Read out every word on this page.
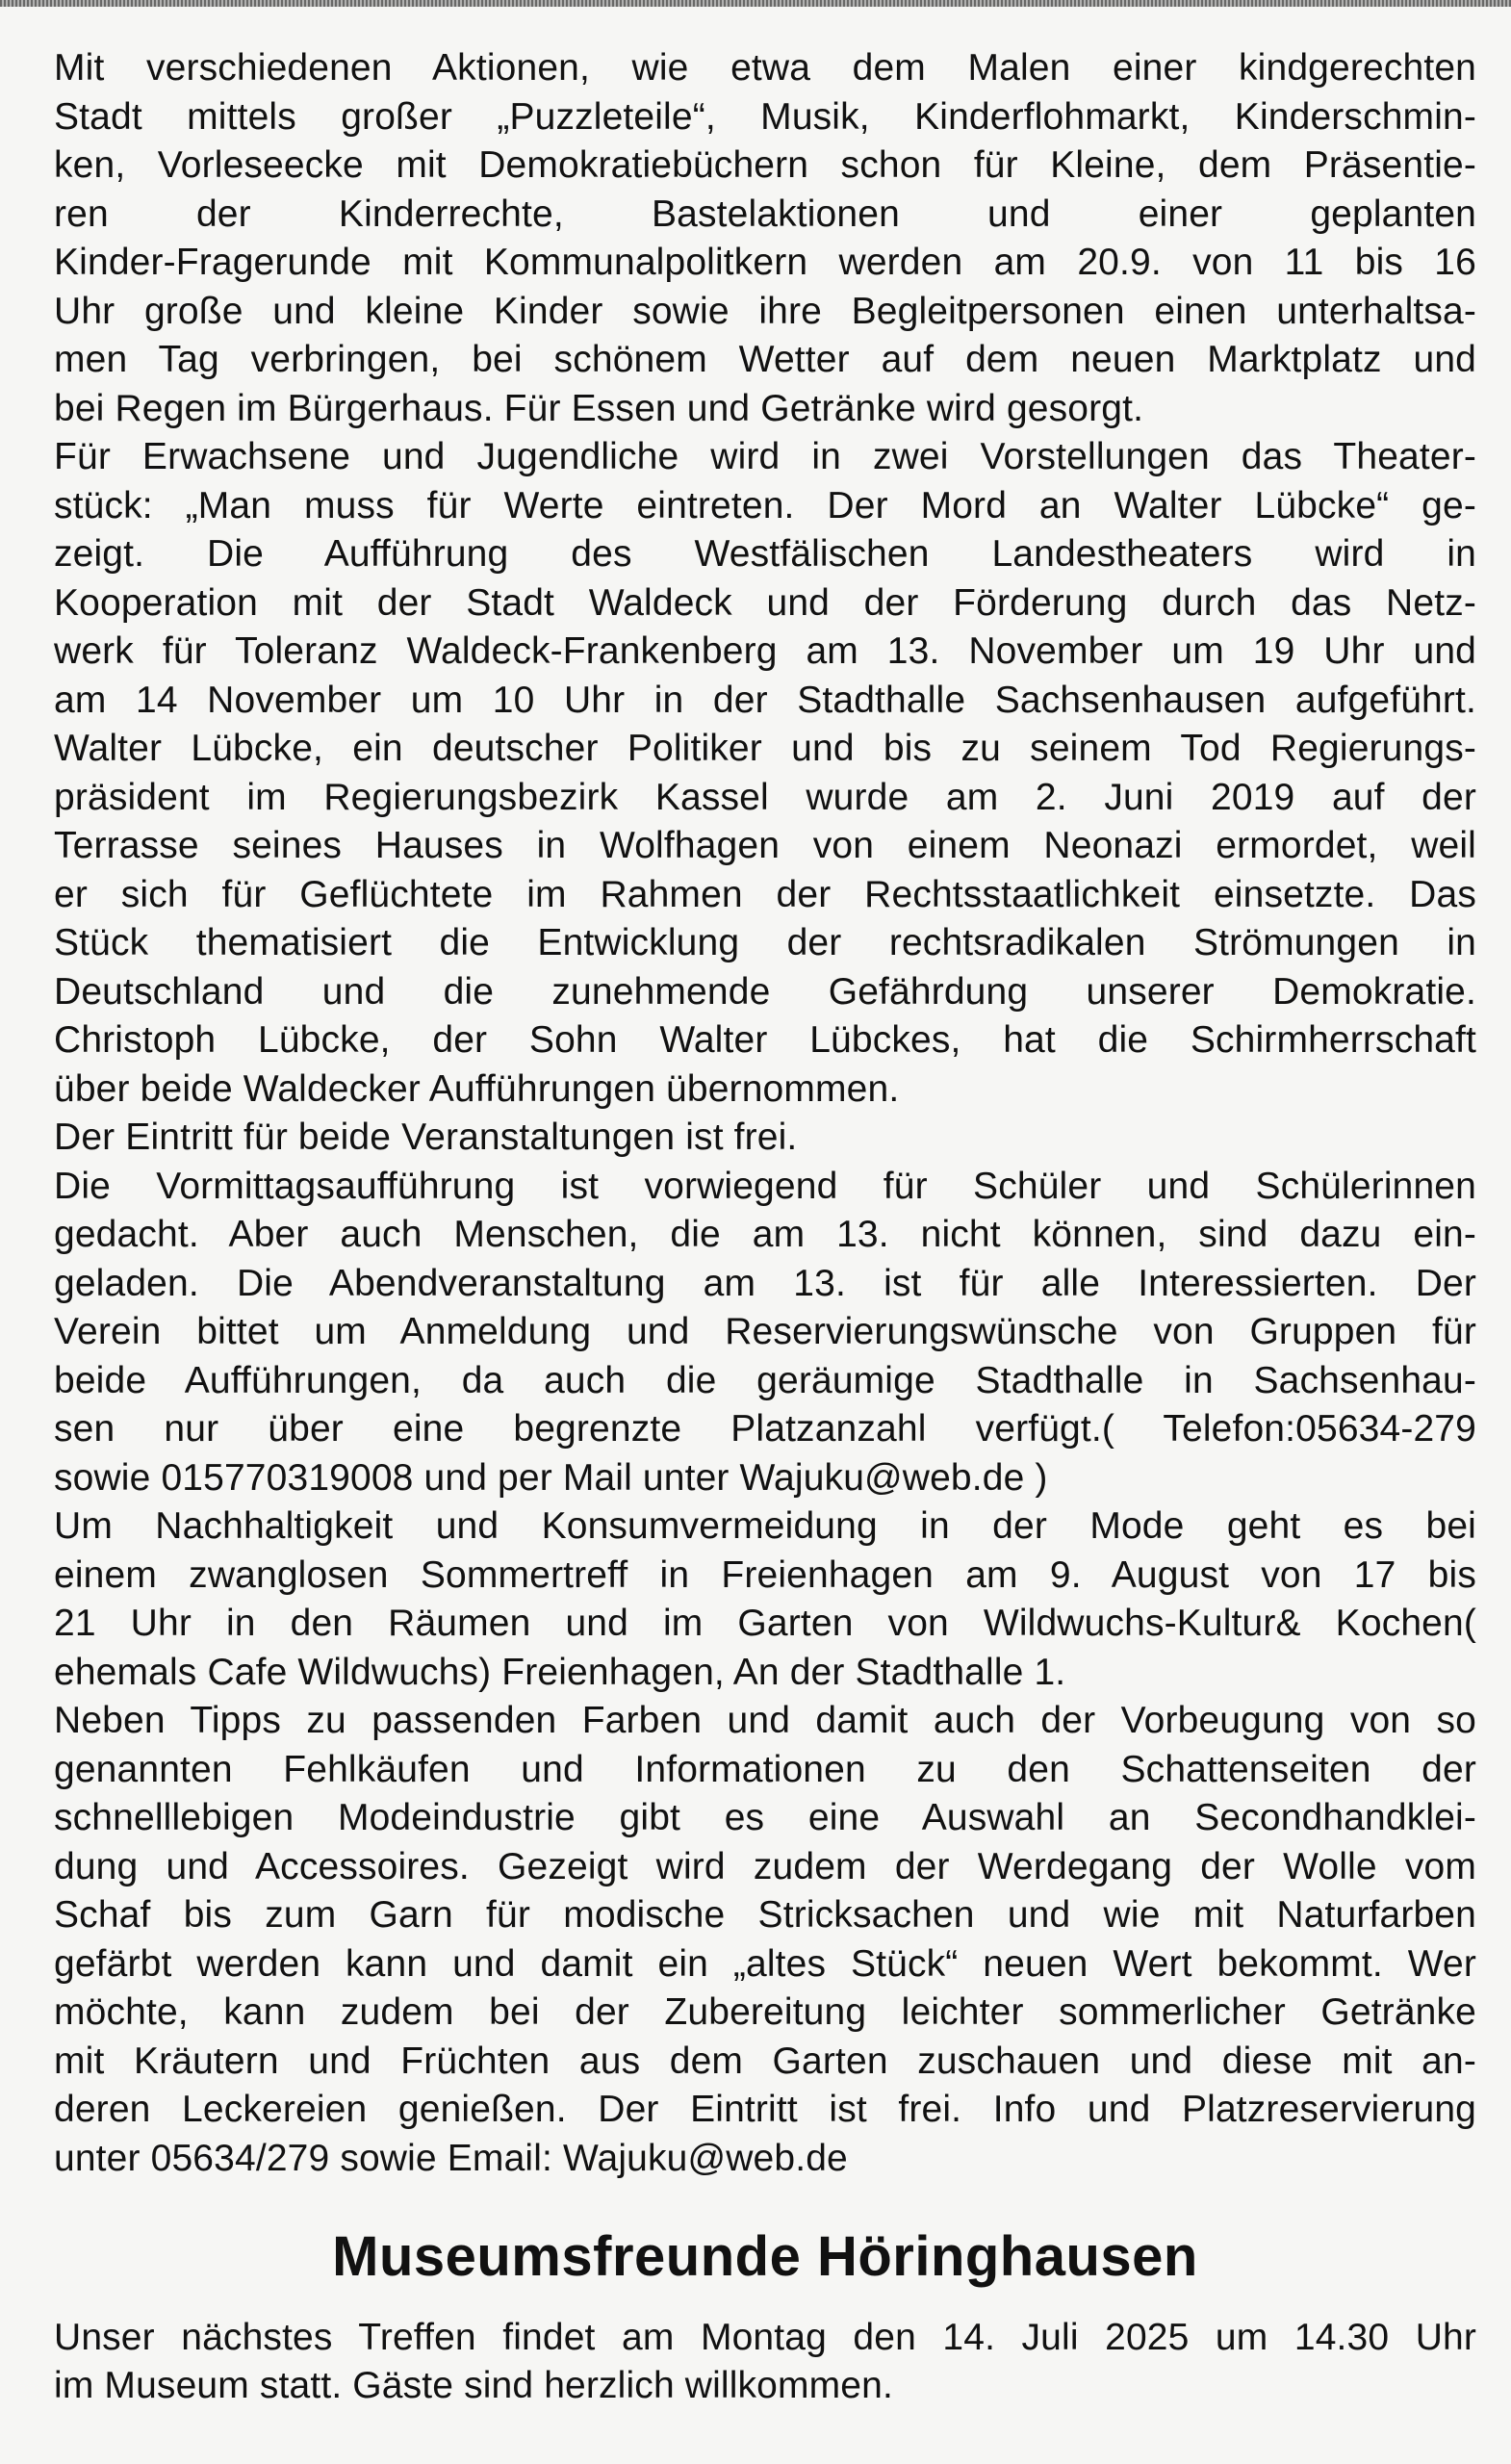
Mit verschiedenen Aktionen, wie etwa dem Malen einer kindgerechten
Stadt mittels großer „Puzzleteile“, Musik, Kinderflohmarkt, Kinderschmin-
ken, Vorleseecke mit Demokratiebüchern schon für Kleine, dem Präsentie-
ren der Kinderrechte, Bastelaktionen und einer geplanten
Kinder-Fragerunde mit Kommunalpolitkern werden am 20.9. von 11 bis 16
Uhr große und kleine Kinder sowie ihre Begleitpersonen einen unterhaltsa-
men Tag verbringen, bei schönem Wetter auf dem neuen Marktplatz und
bei Regen im Bürgerhaus. Für Essen und Getränke wird gesorgt.
Für Erwachsene und Jugendliche wird in zwei Vorstellungen das Theater-
stück: „Man muss für Werte eintreten. Der Mord an Walter Lübcke“ ge-
zeigt. Die Aufführung des Westfälischen Landestheaters wird in
Kooperation mit der Stadt Waldeck und der Förderung durch das Netz-
werk für Toleranz Waldeck-Frankenberg am 13. November um 19 Uhr und
am 14 November um 10 Uhr in der Stadthalle Sachsenhausen aufgeführt.
Walter Lübcke, ein deutscher Politiker und bis zu seinem Tod Regierungs-
präsident im Regierungsbezirk Kassel wurde am 2. Juni 2019 auf der
Terrasse seines Hauses in Wolfhagen von einem Neonazi ermordet, weil
er sich für Geflüchtete im Rahmen der Rechtsstaatlichkeit einsetzte. Das
Stück thematisiert die Entwicklung der rechtsradikalen Strömungen in
Deutschland und die zunehmende Gefährdung unserer Demokratie.
Christoph Lübcke, der Sohn Walter Lübckes, hat die Schirmherrschaft
über beide Waldecker Aufführungen übernommen.
Der Eintritt für beide Veranstaltungen ist frei.
Die Vormittagsaufführung ist vorwiegend für Schüler und Schülerinnen
gedacht. Aber auch Menschen, die am 13. nicht können, sind dazu ein-
geladen. Die Abendveranstaltung am 13. ist für alle Interessierten. Der
Verein bittet um Anmeldung und Reservierungswünsche von Gruppen für
beide Aufführungen, da auch die geräumige Stadthalle in Sachsenhau-
sen nur über eine begrenzte Platzanzahl verfügt.( Telefon:05634-279
sowie 015770319008 und per Mail unter Wajuku@web.de )
Um Nachhaltigkeit und Konsumvermeidung in der Mode geht es bei
einem zwanglosen Sommertreff in Freienhagen am 9. August von 17 bis
21 Uhr in den Räumen und im Garten von Wildwuchs-Kultur& Kochen(
ehemals Cafe Wildwuchs) Freienhagen, An der Stadthalle 1.
Neben Tipps zu passenden Farben und damit auch der Vorbeugung von so
genannten Fehlkäufen und Informationen zu den Schattenseiten der
schnelllebigen Modeindustrie gibt es eine Auswahl an Secondhandklei-
dung und Accessoires. Gezeigt wird zudem der Werdegang der Wolle vom
Schaf bis zum Garn für modische Stricksachen und wie mit Naturfarben
gefärbt werden kann und damit ein „altes Stück“ neuen Wert bekommt. Wer
möchte, kann zudem bei der Zubereitung leichter sommerlicher Getränke
mit Kräutern und Früchten aus dem Garten zuschauen und diese mit an-
deren Leckereien genießen. Der Eintritt ist frei. Info und Platzreservierung
unter 05634/279 sowie Email: Wajuku@web.de
Museumsfreunde Höringhausen
Unser nächstes Treffen findet am Montag den 14. Juli 2025 um 14.30 Uhr
im Museum statt. Gäste sind herzlich willkommen.
